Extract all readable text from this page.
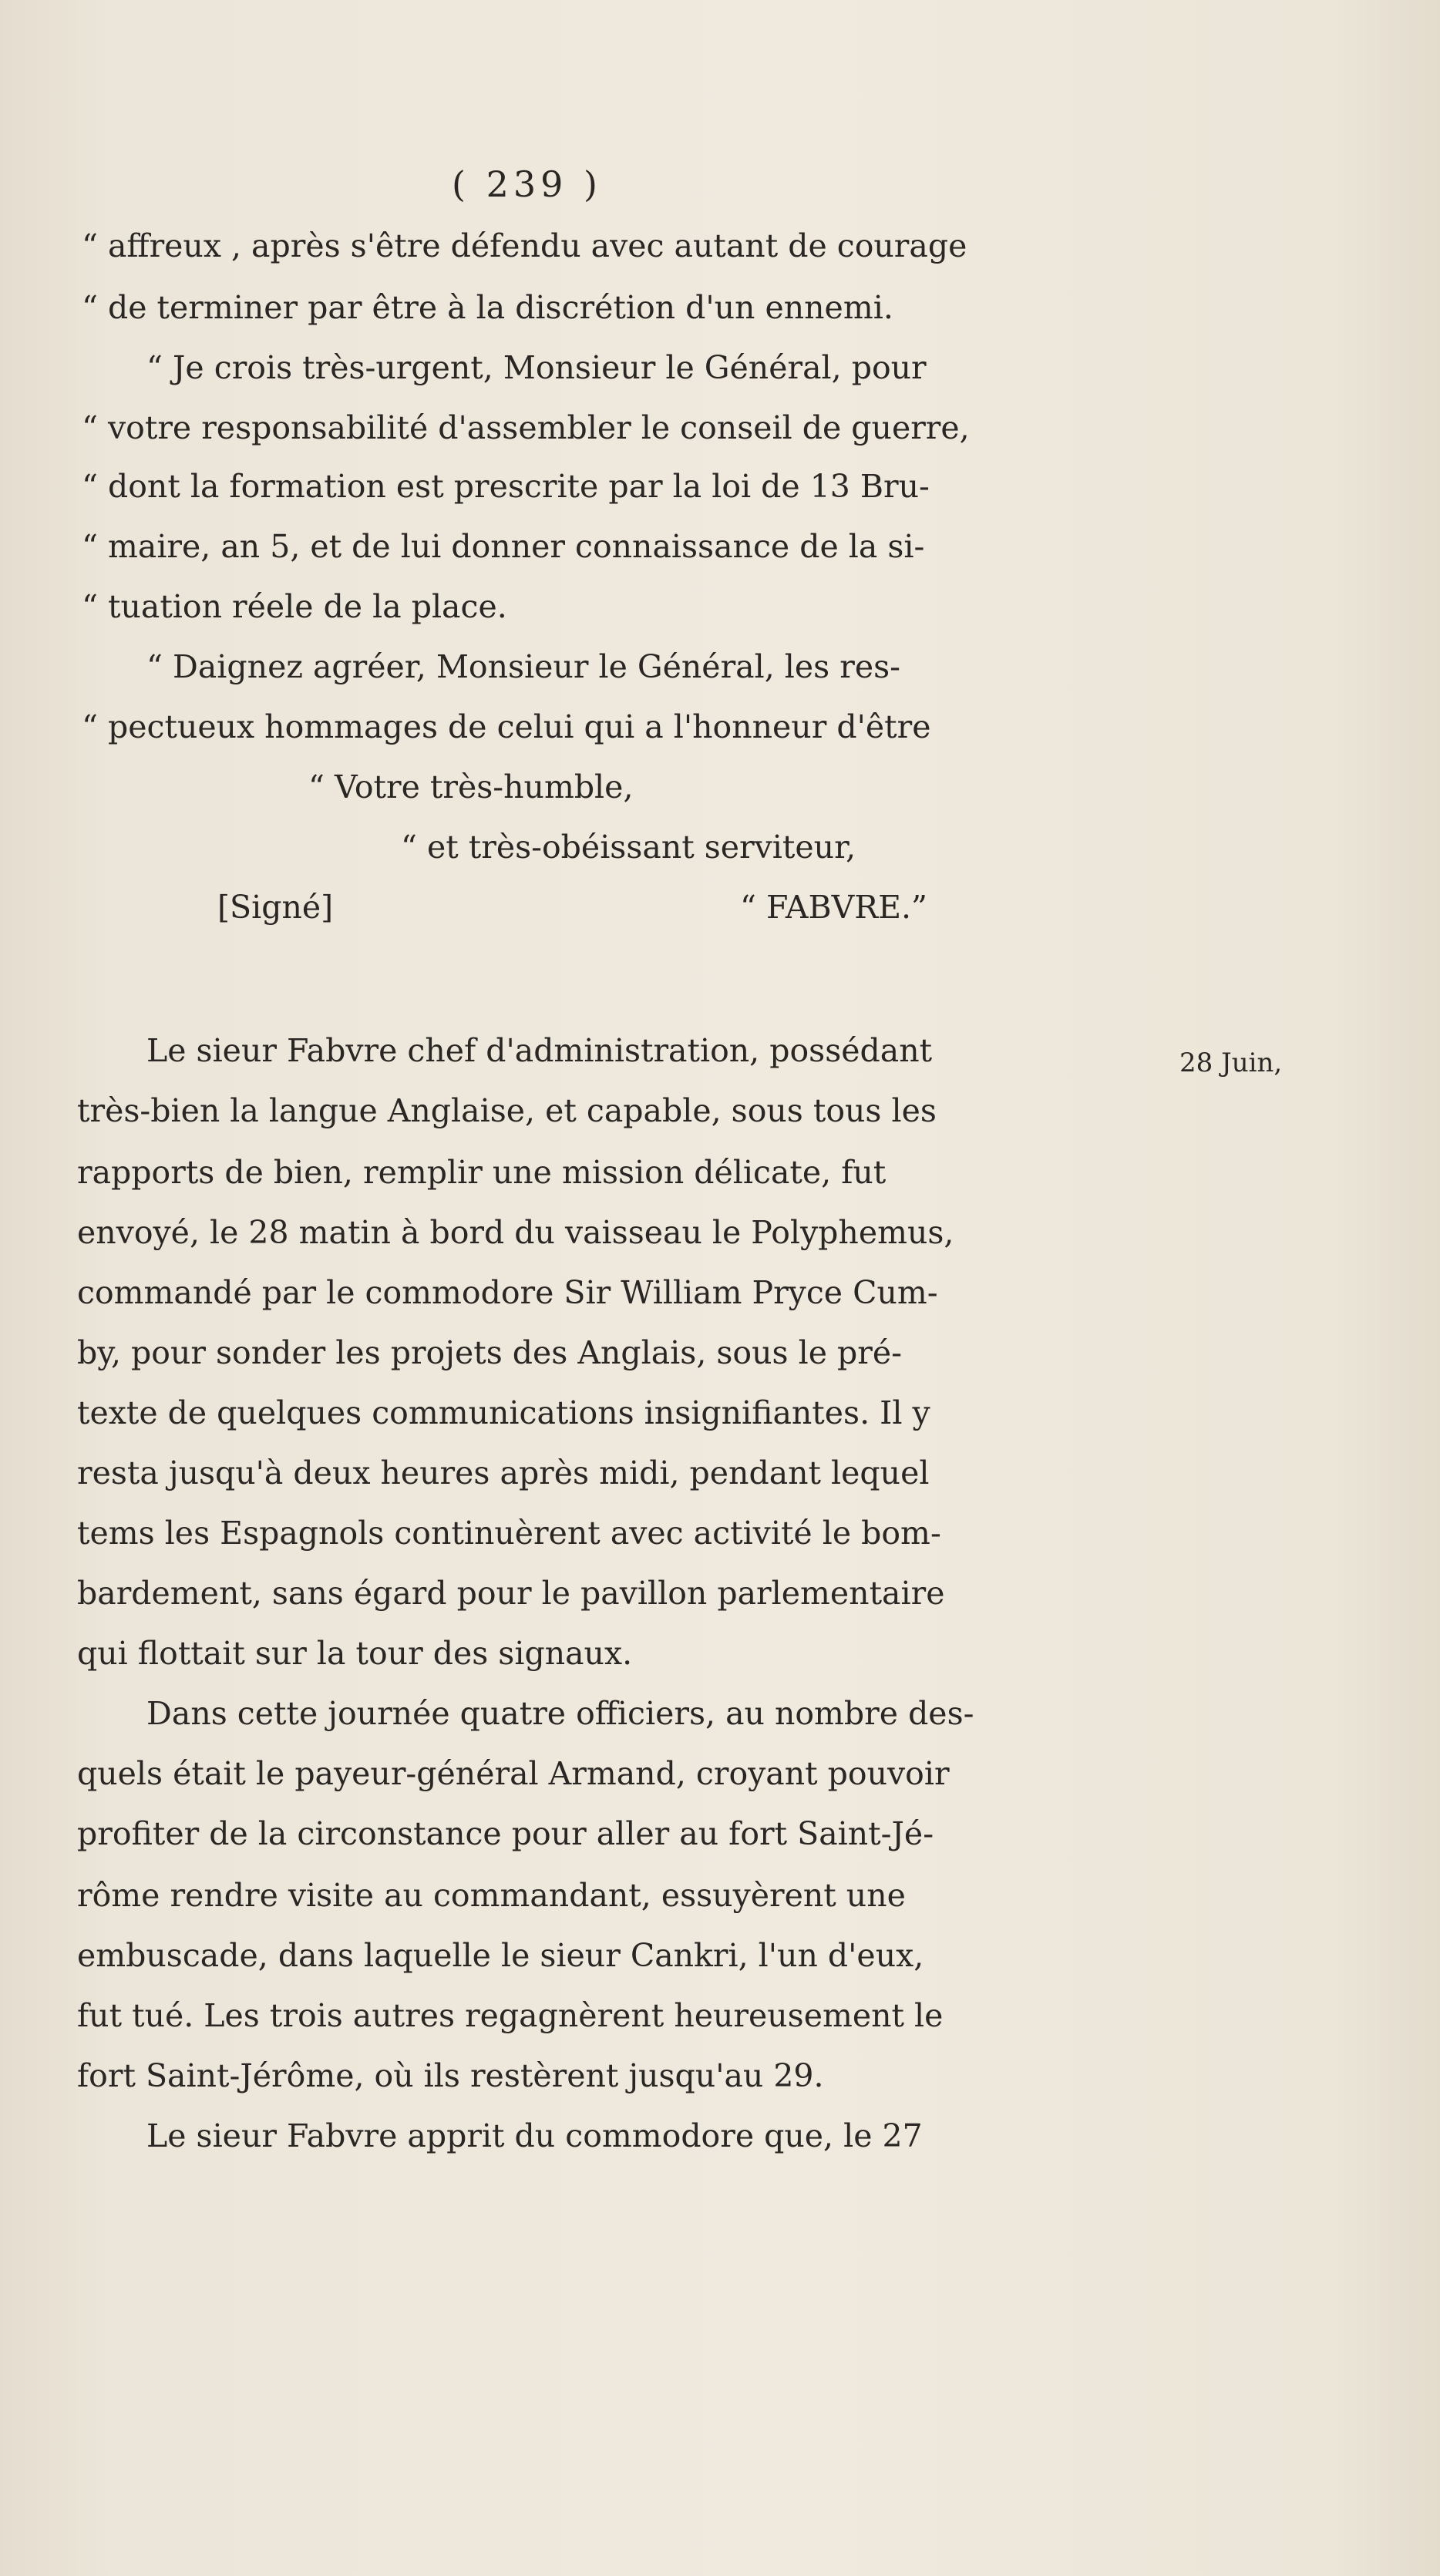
( 239 )
“ affreux , après s'être défendu avec autant de courage
“ de terminer par être à la discrétion d'un ennemi.
“ Je crois très-urgent, Monsieur le Général, pour
“ votre responsabilité d'assembler le conseil de guerre,
“ dont la formation est prescrite par la loi de 13 Bru-
“ maire, an 5, et de lui donner connaissance de la si-
“ tuation réele de la place.
“ Daignez agréer, Monsieur le Général, les res-
“ pectueux hommages de celui qui a l'honneur d'être
“ Votre très-humble,
“ et très-obéissant serviteur,
[Signé]	“ FABVRE.”
28 Juin,
Le sieur Fabvre chef d'administration, possédant
très-bien la langue Anglaise, et capable, sous tous les
rapports de bien, remplir une mission délicate, fut
envoyé, le 28 matin à bord du vaisseau le Polyphemus,
commandé par le commodore Sir William Pryce Cum-
by, pour sonder les projets des Anglais, sous le pré-
texte de quelques communications insignifiantes. Il y
resta jusqu'à deux heures après midi, pendant lequel
tems les Espagnols continuèrent avec activité le bom-
bardement, sans égard pour le pavillon parlementaire
qui flottait sur la tour des signaux.
Dans cette journée quatre officiers, au nombre des-
quels était le payeur-général Armand, croyant pouvoir
profiter de la circonstance pour aller au fort Saint-Jé-
rôme rendre visite au commandant, essuyèrent une
embuscade, dans laquelle le sieur Cankri, l'un d'eux,
fut tué. Les trois autres regagnèrent heureusement le
fort Saint-Jérôme, où ils restèrent jusqu'au 29.
Le sieur Fabvre apprit du commodore que, le 27
